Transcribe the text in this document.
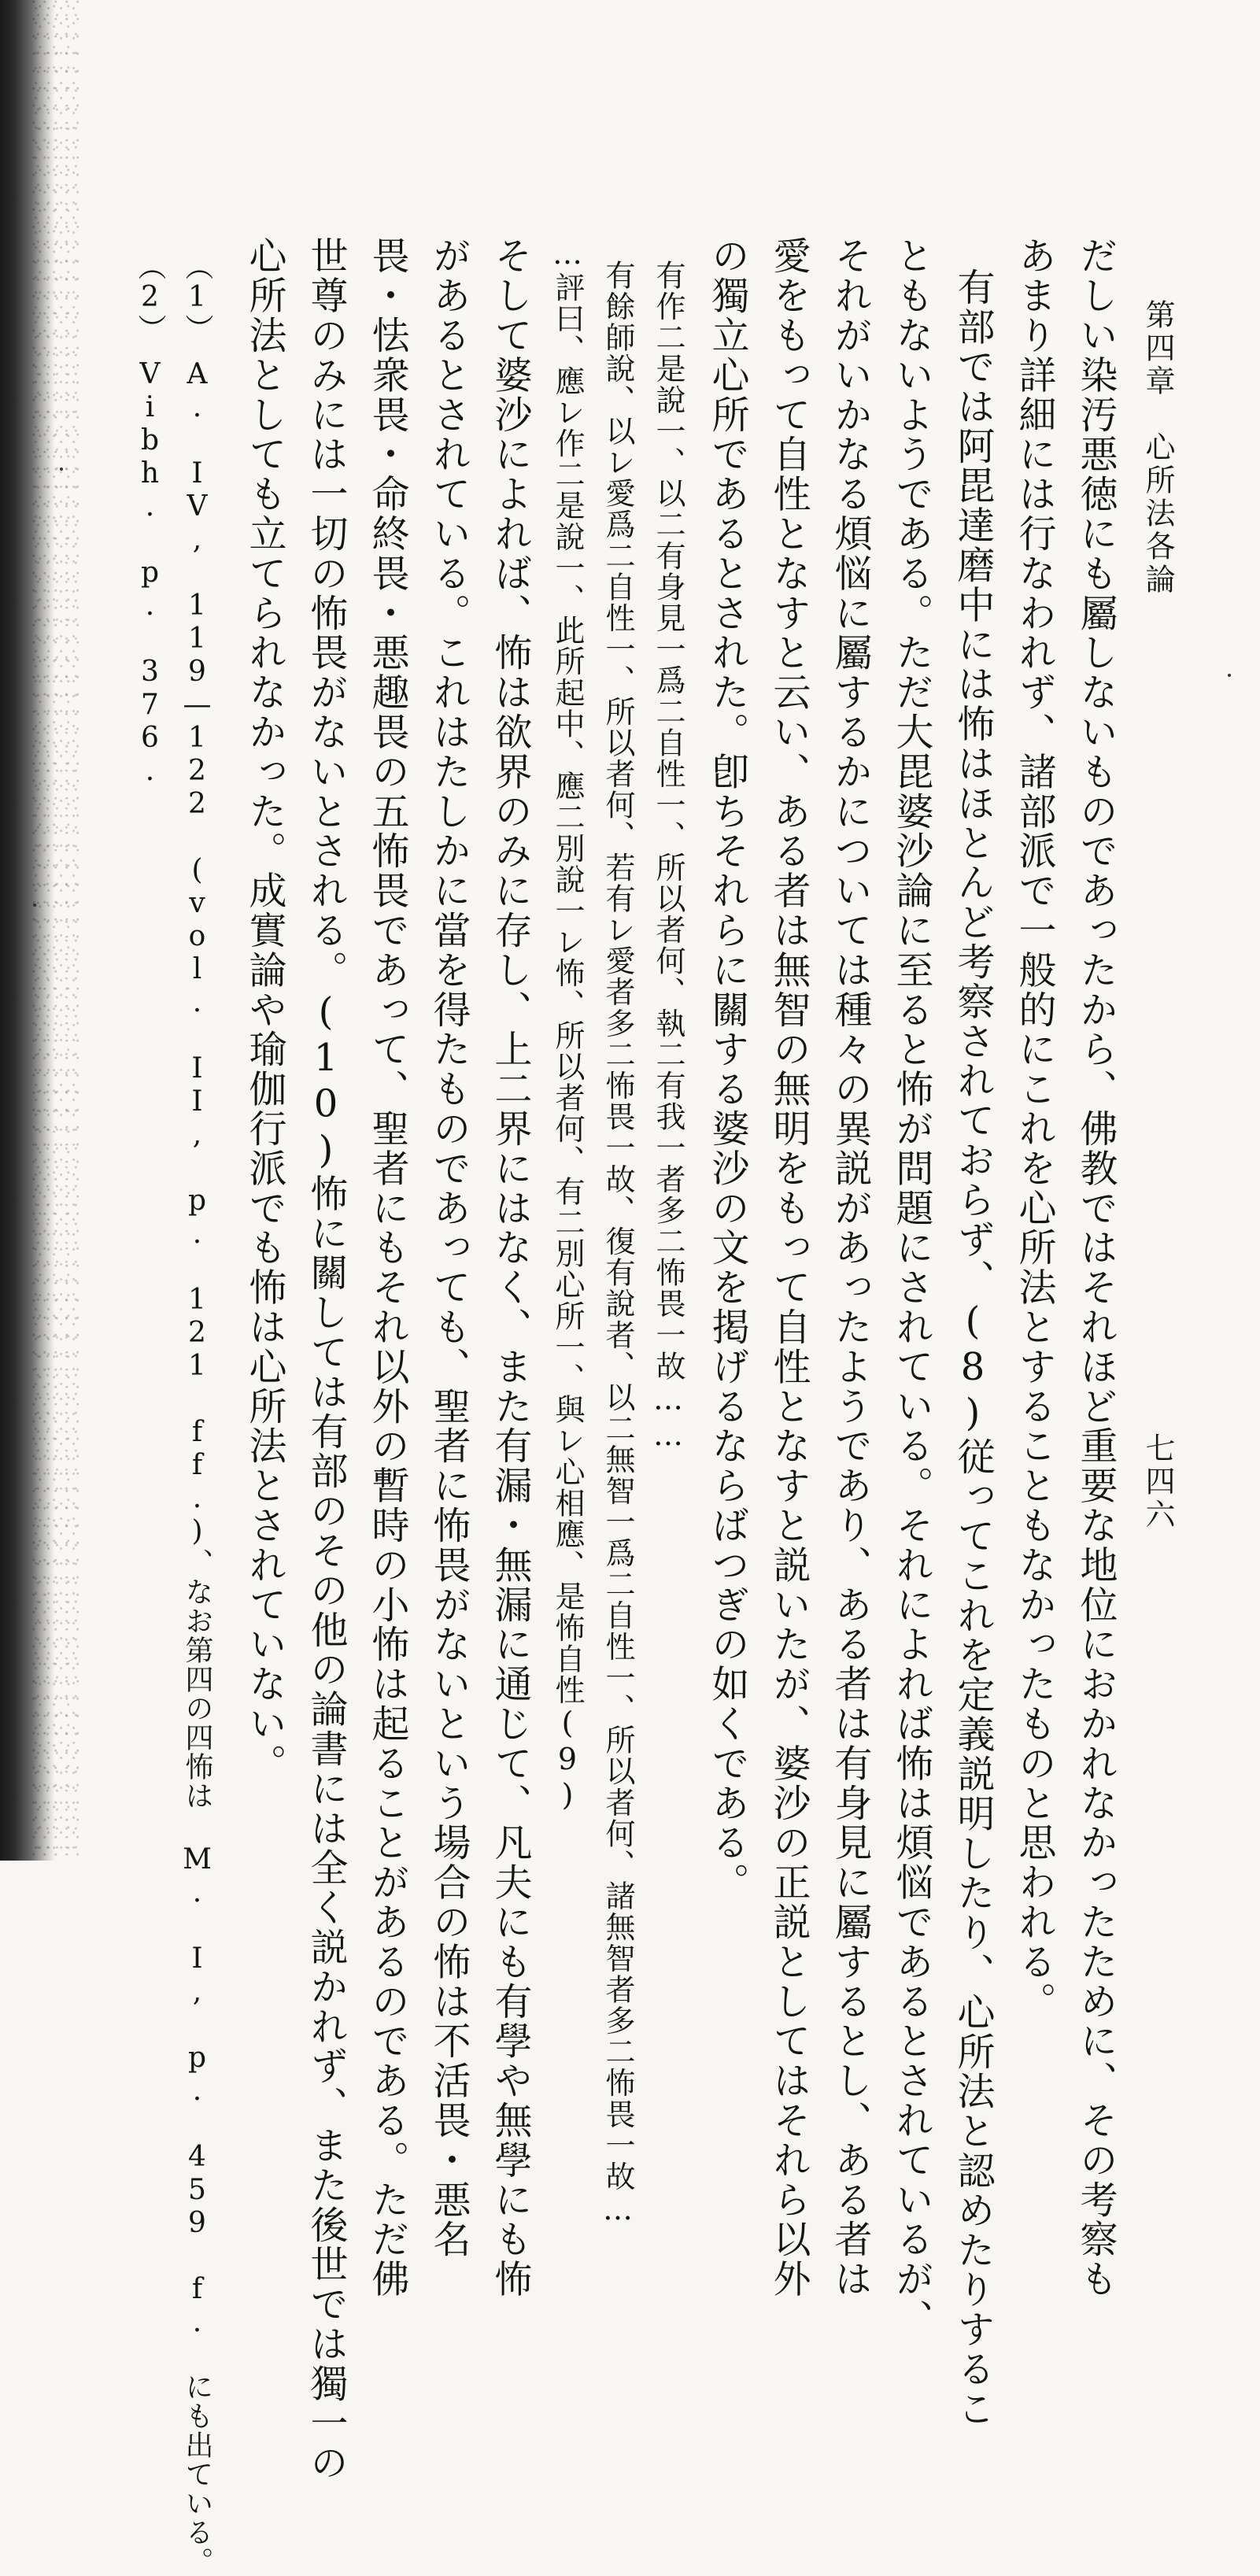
第四章　心所法各論
七四六
だしい染汚悪徳にも屬しないものであったから、佛教ではそれほど重要な地位におかれなかったために、その考察も
あまり詳細には行なわれず、諸部派で一般的にこれを心所法とすることもなかったものと思われる。
有部では阿毘達磨中には怖はほとんど考察されておらず、(8)従ってこれを定義説明したり、心所法と認めたりするこ
ともないようである。ただ大毘婆沙論に至ると怖が問題にされている。それによれば怖は煩悩であるとされているが、
それがいかなる煩悩に屬するかについては種々の異説があったようであり、ある者は有身見に屬するとし、ある者は
愛をもって自性となすと云い、ある者は無智の無明をもって自性となすと説いたが、婆沙の正説としてはそれら以外
の獨立心所であるとされた。卽ちそれらに關する婆沙の文を掲げるならばつぎの如くである。
有作二是說一、以二有身見一爲二自性一、所以者何、執二有我一者多二怖畏一故……
有餘師說、以レ愛爲二自性一、所以者何、若有レ愛者多二怖畏一故、復有說者、以二無智一爲二自性一、所以者何、諸無智者多二怖畏一故…
…評曰、應レ作二是說一、此所起中、應二別說一レ怖、所以者何、有二別心所一、與レ心相應、是怖自性(9)
そして婆沙によれば、怖は欲界のみに存し、上二界にはなく、また有漏・無漏に通じて、凡夫にも有學や無學にも怖
があるとされている。これはたしかに當を得たものであっても、聖者に怖畏がないという場合の怖は不活畏・悪名
畏・怯衆畏・命終畏・悪趣畏の五怖畏であって、聖者にもそれ以外の暫時の小怖は起ることがあるのである。ただ佛
世尊のみには一切の怖畏がないとされる。(10)怖に關しては有部のその他の論書には全く説かれず、また後世では獨一の
心所法としても立てられなかった。成實論や瑜伽行派でも怖は心所法とされていない。
（1）　A. IV, 119—122 (vol. II, p. 121 ff.)、なお第四の四怖は M. I, p. 459 f. にも出ている。
（2）　Vibh. p. 376.
